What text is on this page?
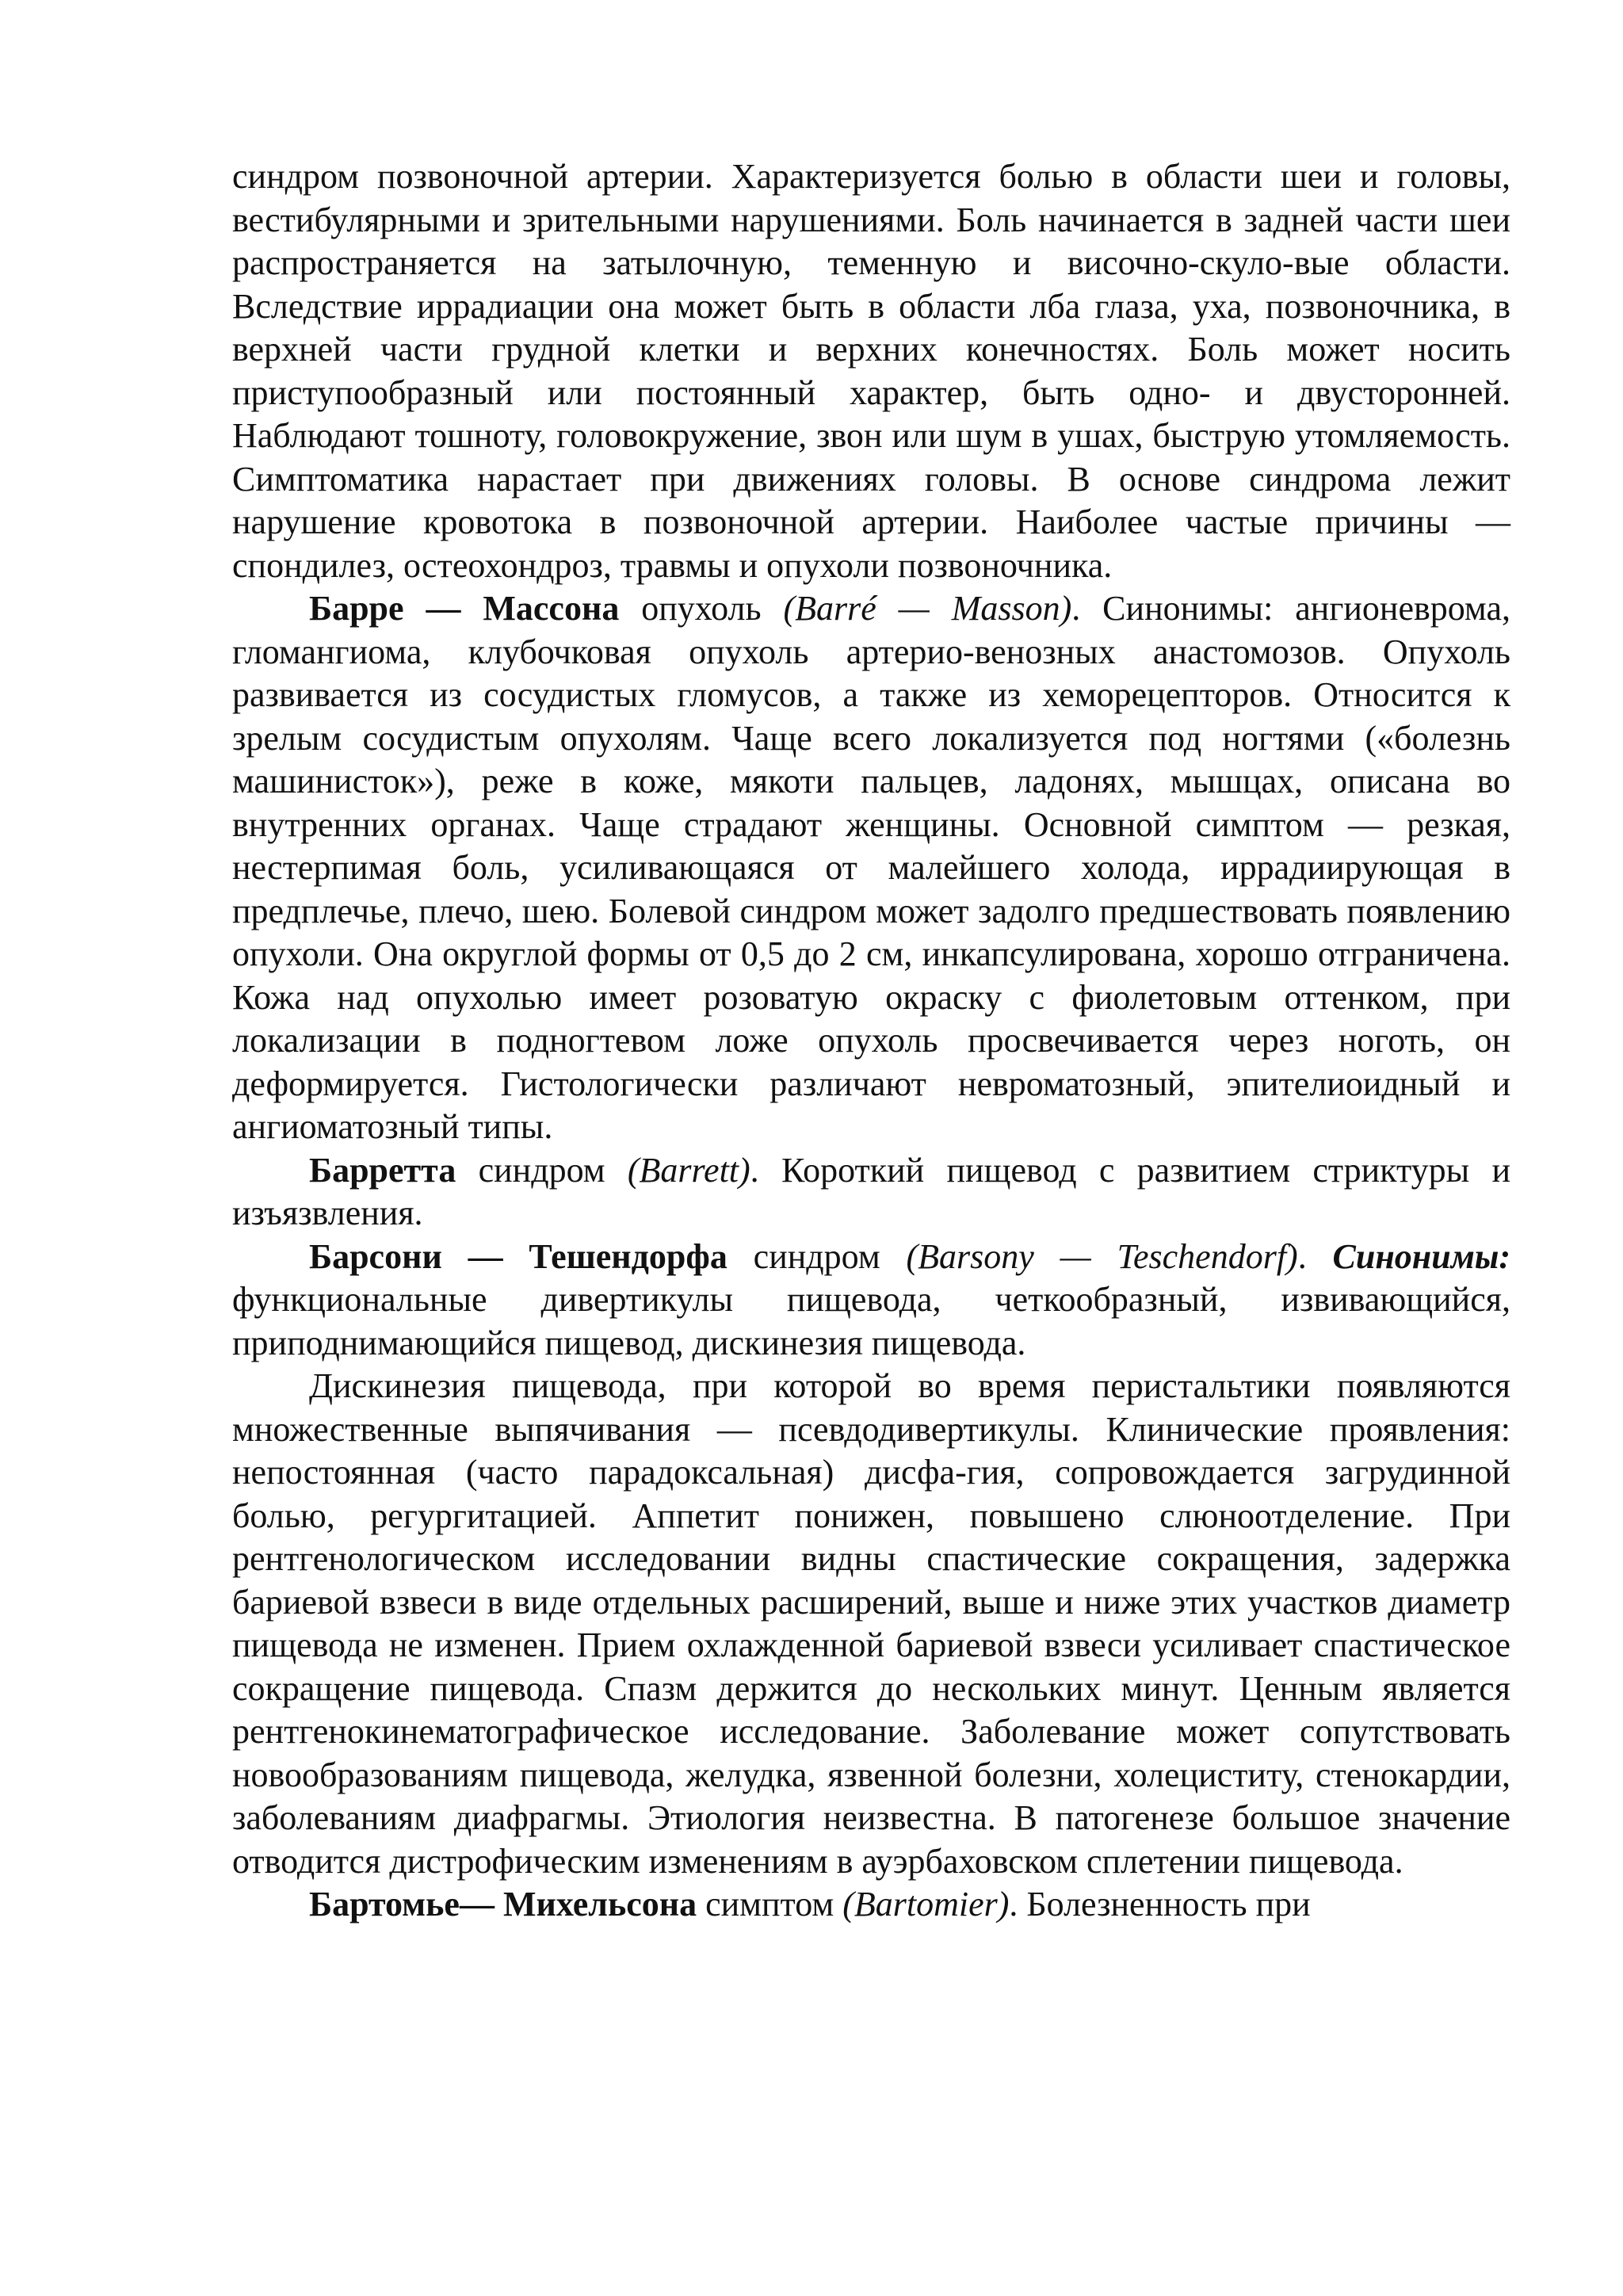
синдром позвоночной артерии. Характеризуется болью в области шеи и головы, вестибулярными и зрительными нарушениями. Боль начинается в задней части шеи распространяется на затылочную, теменную и височно-скуло-вые области. Вследствие иррадиации она может быть в области лба глаза, уха, позвоночника, в верхней части грудной клетки и верхних конечностях. Боль может носить приступообразный или постоянный характер, быть одно- и двусторонней. Наблюдают тошноту, головокружение, звон или шум в ушах, быструю утомляемость. Симптоматика нарастает при движениях головы. В основе синдрома лежит нарушение кровотока в позвоночной артерии. Наиболее частые причины — спондилез, остеохондроз, травмы и опухоли позвоночника.

Барре — Массона опухоль (Barré — Masson). Синонимы: ангионеврома, гломангиома, клубочковая опухоль артерио-венозных анастомозов. Опухоль развивается из сосудистых гломусов, а также из хеморецепторов. Относится к зрелым сосудистым опухолям. Чаще всего локализуется под ногтями («болезнь машинисток»), реже в коже, мякоти пальцев, ладонях, мышцах, описана во внутренних органах. Чаще страдают женщины. Основной симптом — резкая, нестерпимая боль, усиливающаяся от малейшего холода, иррадиирующая в предплечье, плечо, шею. Болевой синдром может задолго предшествовать появлению опухоли. Она округлой формы от 0,5 до 2 см, инкапсулирована, хорошо отграничена. Кожа над опухолью имеет розоватую окраску с фиолетовым оттенком, при локализации в подногтевом ложе опухоль просвечивается через ноготь, он деформируется. Гистологически различают невроматозный, эпителиоидный и ангиоматозный типы.

Барретта синдром (Barrett). Короткий пищевод с развитием стриктуры и изъязвления.

Барсони — Тешендорфа синдром (Barsony — Teschendorf). Синонимы: функциональные дивертикулы пищевода, четкообразный, извивающийся, приподнимающийся пищевод, дискинезия пищевода.

Дискинезия пищевода, при которой во время перистальтики появляются множественные выпячивания — псевдодивертикулы. Клинические проявления: непостоянная (часто парадоксальная) дисфа-гия, сопровождается загрудинной болью, регургитацией. Аппетит понижен, повышено слюноотделение. При рентгенологическом исследовании видны спастические сокращения, задержка бариевой взвеси в виде отдельных расширений, выше и ниже этих участков диаметр пищевода не изменен. Прием охлажденной бариевой взвеси усиливает спастическое сокращение пищевода. Спазм держится до нескольких минут. Ценным является рентгенокинематографическое исследование. Заболевание может сопутствовать новообразованиям пищевода, желудка, язвенной болезни, холециститу, стенокардии, заболеваниям диафрагмы. Этиология неизвестна. В патогенезе большое значение отводится дистрофическим изменениям в ауэрбаховском сплетении пищевода.

Бартомье— Михельсона симптом (Bartomier). Болезненность при
